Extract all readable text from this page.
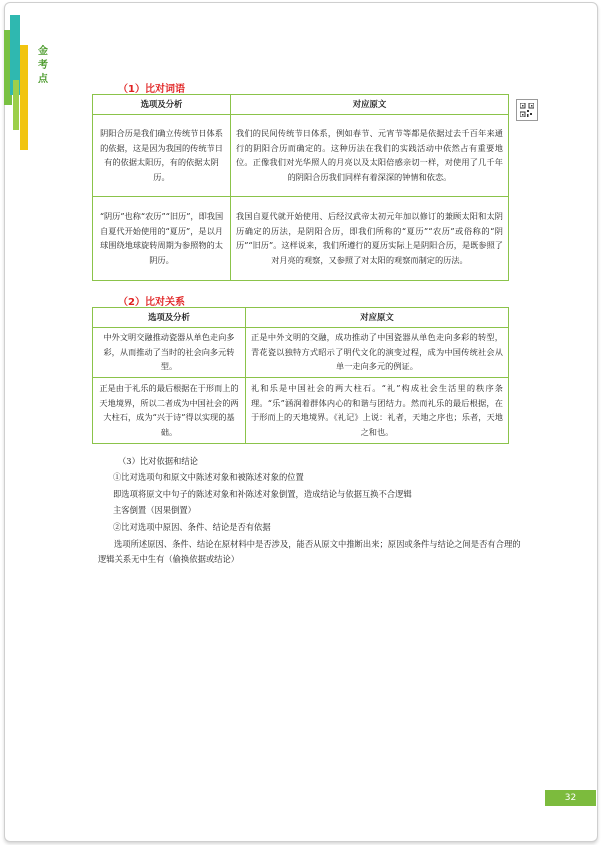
金
考
点
（1）比对词语
选项及分析	对应原文
阴阳合历是我们确立传统节日体系的依据，这是因为我国的传统节日有的依据太阳历，有的依据太阴历。	我们的民间传统节日体系，例如春节、元宵节等都是依据过去千百年来通行的阴阳合历而确定的。这种历法在我们的实践活动中依然占有重要地位。正像我们对光华照人的月亮以及太阳倍感亲切一样，对使用了几千年的阴阳合历我们同样有着深深的钟情和依恋。
“阴历”也称“农历”“旧历”，即我国自夏代开始使用的“夏历”，是以月球围绕地球旋转周期为参照物的太阴历。	我国自夏代就开始使用、后经汉武帝太初元年加以修订的兼顾太阳和太阴历确定的历法，是阴阳合历，即我们所称的“夏历”“农历”或俗称的“阴历”“旧历”。这样说来，我们所遵行的夏历实际上是阴阳合历，是既参照了对月亮的观察，又参照了对太阳的观察而制定的历法。
（2）比对关系
选项及分析	对应原文
中外文明交融推动瓷器从单色走向多彩，从而推动了当时的社会向多元转型。	正是中外文明的交融，成功推动了中国瓷器从单色走向多彩的转型，青花瓷以独特方式昭示了明代文化的演变过程，成为中国传统社会从单一走向多元的例证。
正是由于礼乐的最后根据在于形而上的天地境界，所以二者成为中国社会的两大柱石，成为“兴于诗”得以实现的基础。	礼和乐是中国社会的两大柱石。“礼”构成社会生活里的秩序条理。“乐”涵润着群体内心的和谐与团结力。然而礼乐的最后根据，在于形而上的天地境界。《礼记》上说：礼者，天地之序也；乐者，天地之和也。
（3）比对依据和结论
①比对选项句和原文中陈述对象和被陈述对象的位置
即选项将原文中句子的陈述对象和补陈述对象倒置，造成结论与依据互换不合逻辑
主客倒置（因果倒置）
②比对选项中原因、条件、结论是否有依据
选项所述原因、条件、结论在原材料中是否涉及，能否从原文中推断出来；原因或条件与结论之间是否有合理的逻辑关系无中生有（偷换依据或结论）
32
